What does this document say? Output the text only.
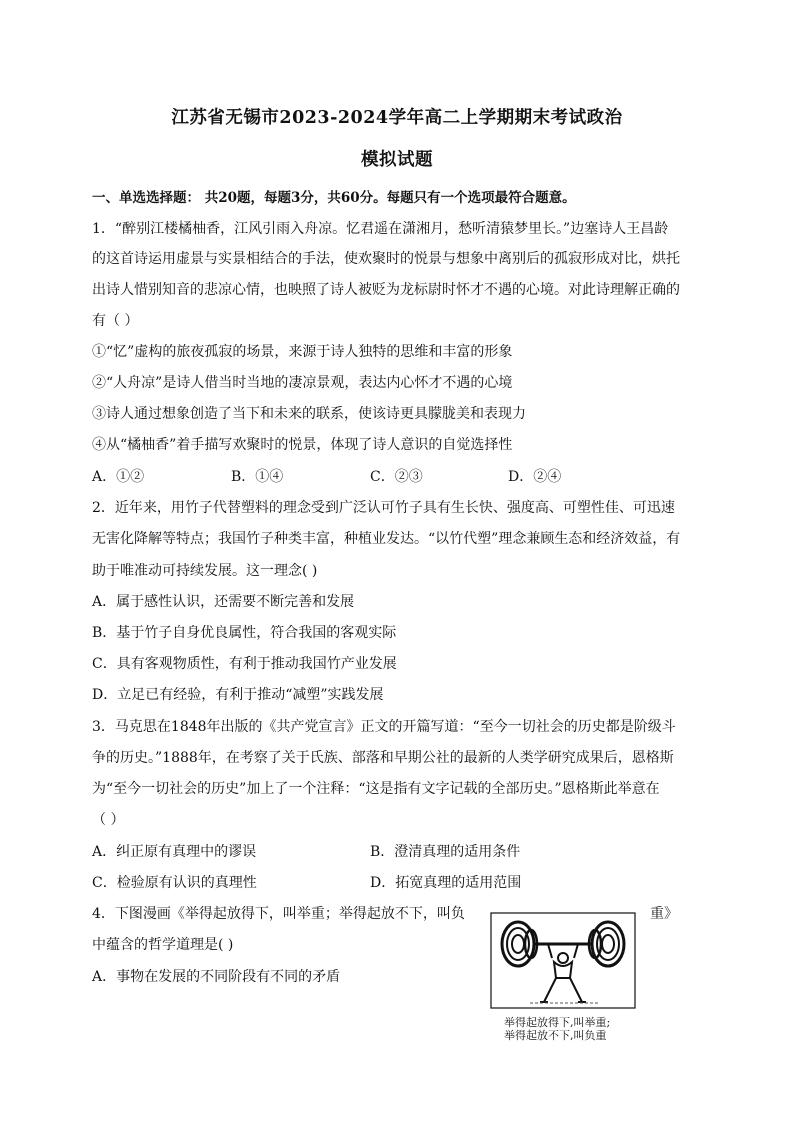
江苏省无锡市2023-2024学年高二上学期期末考试政治
模拟试题
一、单选选择题： 共20题，每题3分，共60分。每题只有一个选项最符合题意。
1．“醉别江楼橘柚香，江风引雨入舟凉。忆君遥在潇湘月，愁听清猿梦里长。”边塞诗人王昌龄
的这首诗运用虚景与实景相结合的手法，使欢聚时的悦景与想象中离别后的孤寂形成对比，烘托
出诗人惜别知音的悲凉心情，也映照了诗人被贬为龙标尉时怀才不遇的心境。对此诗理解正确的
有（ ）
①“忆”虚构的旅夜孤寂的场景，来源于诗人独特的思维和丰富的形象
②“人舟凉”是诗人借当时当地的凄凉景观，表达内心怀才不遇的心境
③诗人通过想象创造了当下和未来的联系，使该诗更具朦胧美和表现力
④从“橘柚香”着手描写欢聚时的悦景，体现了诗人意识的自觉选择性
A．①②	B．①④	C．②③	D．②④
2．近年来，用竹子代替塑料的理念受到广泛认可竹子具有生长快、强度高、可塑性佳、可迅速
无害化降解等特点；我国竹子种类丰富，种植业发达。“以竹代塑”理念兼顾生态和经济效益，有
助于唯准动可持续发展。这一理念( )
A．属于感性认识，还需要不断完善和发展
B．基于竹子自身优良属性，符合我国的客观实际
C．具有客观物质性，有利于推动我国竹产业发展
D．立足已有经验，有利于推动“减塑”实践发展
3．马克思在1848年出版的《共产党宣言》正文的开篇写道：“至今一切社会的历史都是阶级斗
争的历史。”1888年，在考察了关于氏族、部落和早期公社的最新的人类学研究成果后，恩格斯
为“至今一切社会的历史”加上了一个注释：“这是指有文字记载的全部历史。”恩格斯此举意在
（ ）
A．纠正原有真理中的谬误	B．澄清真理的适用条件
C．检验原有认识的真理性	D．拓宽真理的适用范围
4．下图漫画《举得起放得下，叫举重；举得起放不下，叫负	重》
中蕴含的哲学道理是( )
A．事物在发展的不同阶段有不同的矛盾
举得起放得下,叫举重;
举得起放不下,叫负重
